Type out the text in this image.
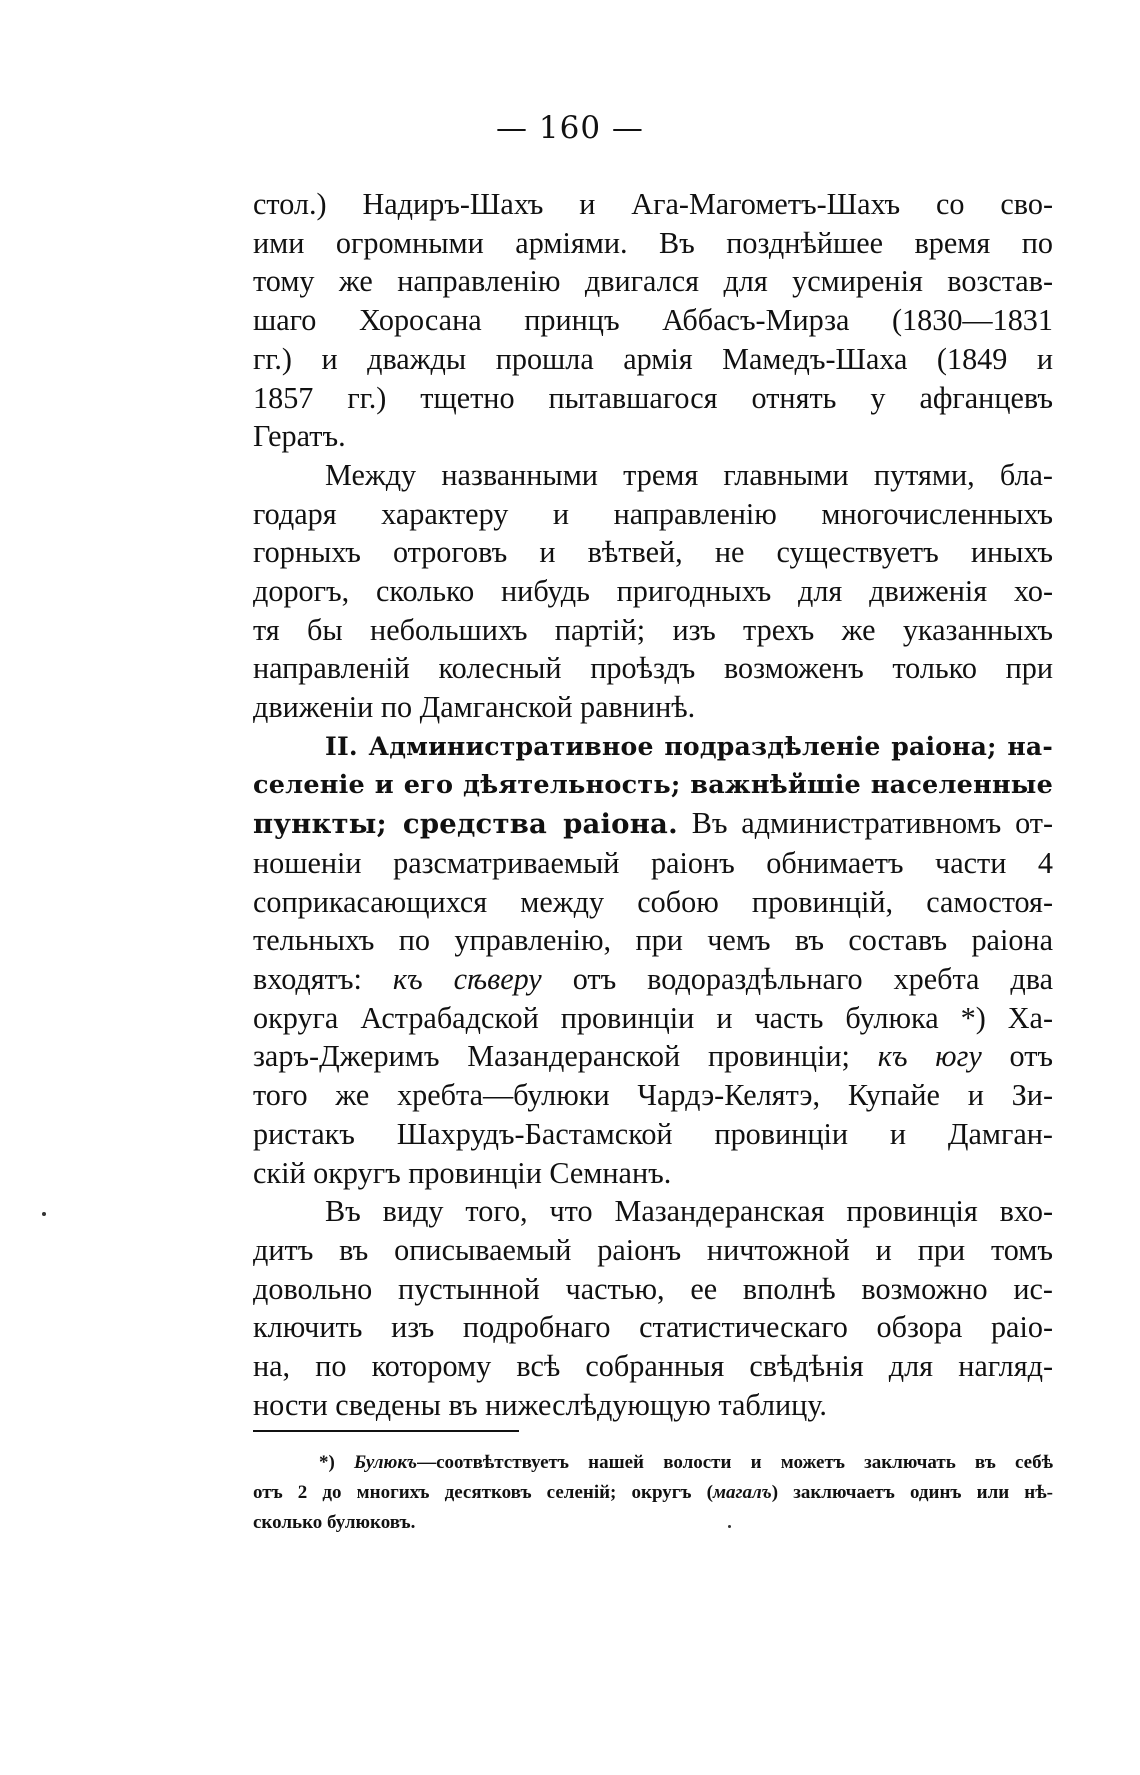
— 160 —
стол.) Надиръ-Шахъ и Ага-Магометъ-Шахъ со сво-
ими огромными арміями. Въ позднѣйшее время по
тому же направленію двигался для усмиренія возстав-
шаго Хоросана принцъ Аббасъ-Мирза (1830—1831
гг.) и дважды прошла армія Мамедъ-Шаха (1849 и
1857 гг.) тщетно пытавшагося отнять у афганцевъ
Гератъ.
Между названными тремя главными путями, бла-
годаря характеру и направленію многочисленныхъ
горныхъ отроговъ и вѣтвей, не существуетъ иныхъ
дорогъ, сколько нибудь пригодныхъ для движенія хо-
тя бы небольшихъ партій; изъ трехъ же указанныхъ
направленій колесный проѣздъ возможенъ только при
движеніи по Дамганской равнинѣ.
II. Административное подраздѣленіе раіона; на-
селеніе и его дѣятельность; важнѣйшіе населенные
пункты; средства раіона. Въ административномъ от-
ношеніи разсматриваемый раіонъ обнимаетъ части 4
соприкасающихся между собою провинцій, самостоя-
тельныхъ по управленію, при чемъ въ составъ раіона
входятъ: къ сѣверу отъ водораздѣльнаго хребта два
округа Астрабадской провинціи и часть булюка *) Ха-
заръ-Джеримъ Мазандеранской провинціи; къ югу отъ
того же хребта—булюки Чардэ-Келятэ, Купайе и Зи-
ристакъ Шахрудъ-Бастамской провинціи и Дамган-
скій округъ провинціи Семнанъ.
Въ виду того, что Мазандеранская провинція вхо-
дитъ въ описываемый раіонъ ничтожной и при томъ
довольно пустынной частью, ее вполнѣ возможно ис-
ключить изъ подробнаго статистическаго обзора раіо-
на, по которому всѣ собранныя свѣдѣнія для нагляд-
ности сведены въ нижеслѣдующую таблицу.
*) Булюкъ—соотвѣтствуетъ нашей волости и можетъ заключать въ себѣ
отъ 2 до многихъ десятковъ селеній; округъ (магалъ) заключаетъ одинъ или нѣ-
сколько булюковъ.
